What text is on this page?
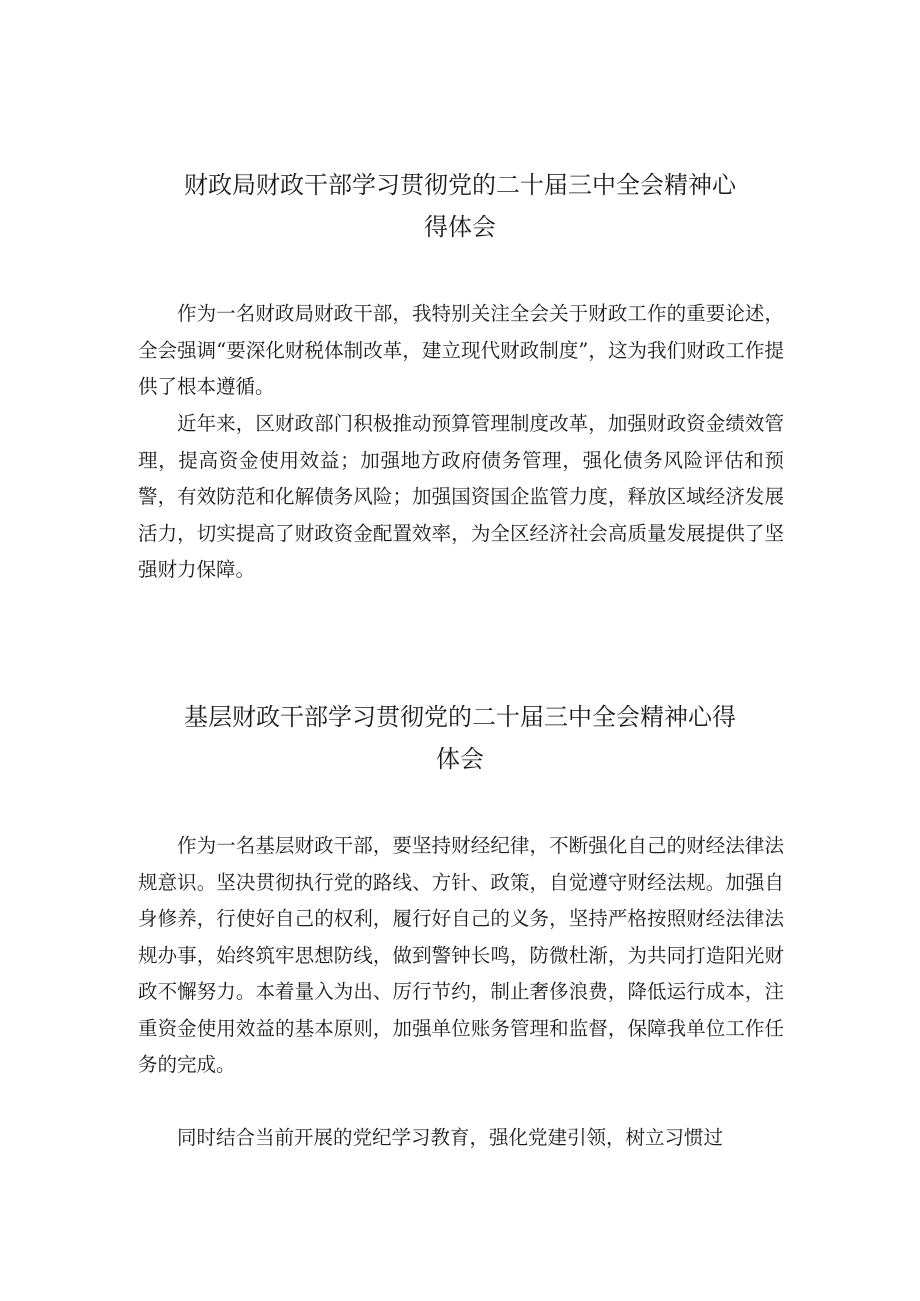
财政局财政干部学习贯彻党的二十届三中全会精神心
得体会

作为一名财政局财政干部，我特别关注全会关于财政工作的重要论述，全会强调“要深化财税体制改革，建立现代财政制度”，这为我们财政工作提供了根本遵循。

近年来，区财政部门积极推动预算管理制度改革，加强财政资金绩效管理，提高资金使用效益；加强地方政府债务管理，强化债务风险评估和预警，有效防范和化解债务风险；加强国资国企监管力度，释放区域经济发展活力，切实提高了财政资金配置效率，为全区经济社会高质量发展提供了坚强财力保障。

基层财政干部学习贯彻党的二十届三中全会精神心得
体会

作为一名基层财政干部，要坚持财经纪律，不断强化自己的财经法律法规意识。坚决贯彻执行党的路线、方针、政策，自觉遵守财经法规。加强自身修养，行使好自己的权利，履行好自己的义务，坚持严格按照财经法律法规办事，始终筑牢思想防线，做到警钟长鸣，防微杜渐，为共同打造阳光财政不懈努力。本着量入为出、厉行节约，制止奢侈浪费，降低运行成本，注重资金使用效益的基本原则，加强单位账务管理和监督，保障我单位工作任务的完成。

同时结合当前开展的党纪学习教育，强化党建引领，树立习惯过
